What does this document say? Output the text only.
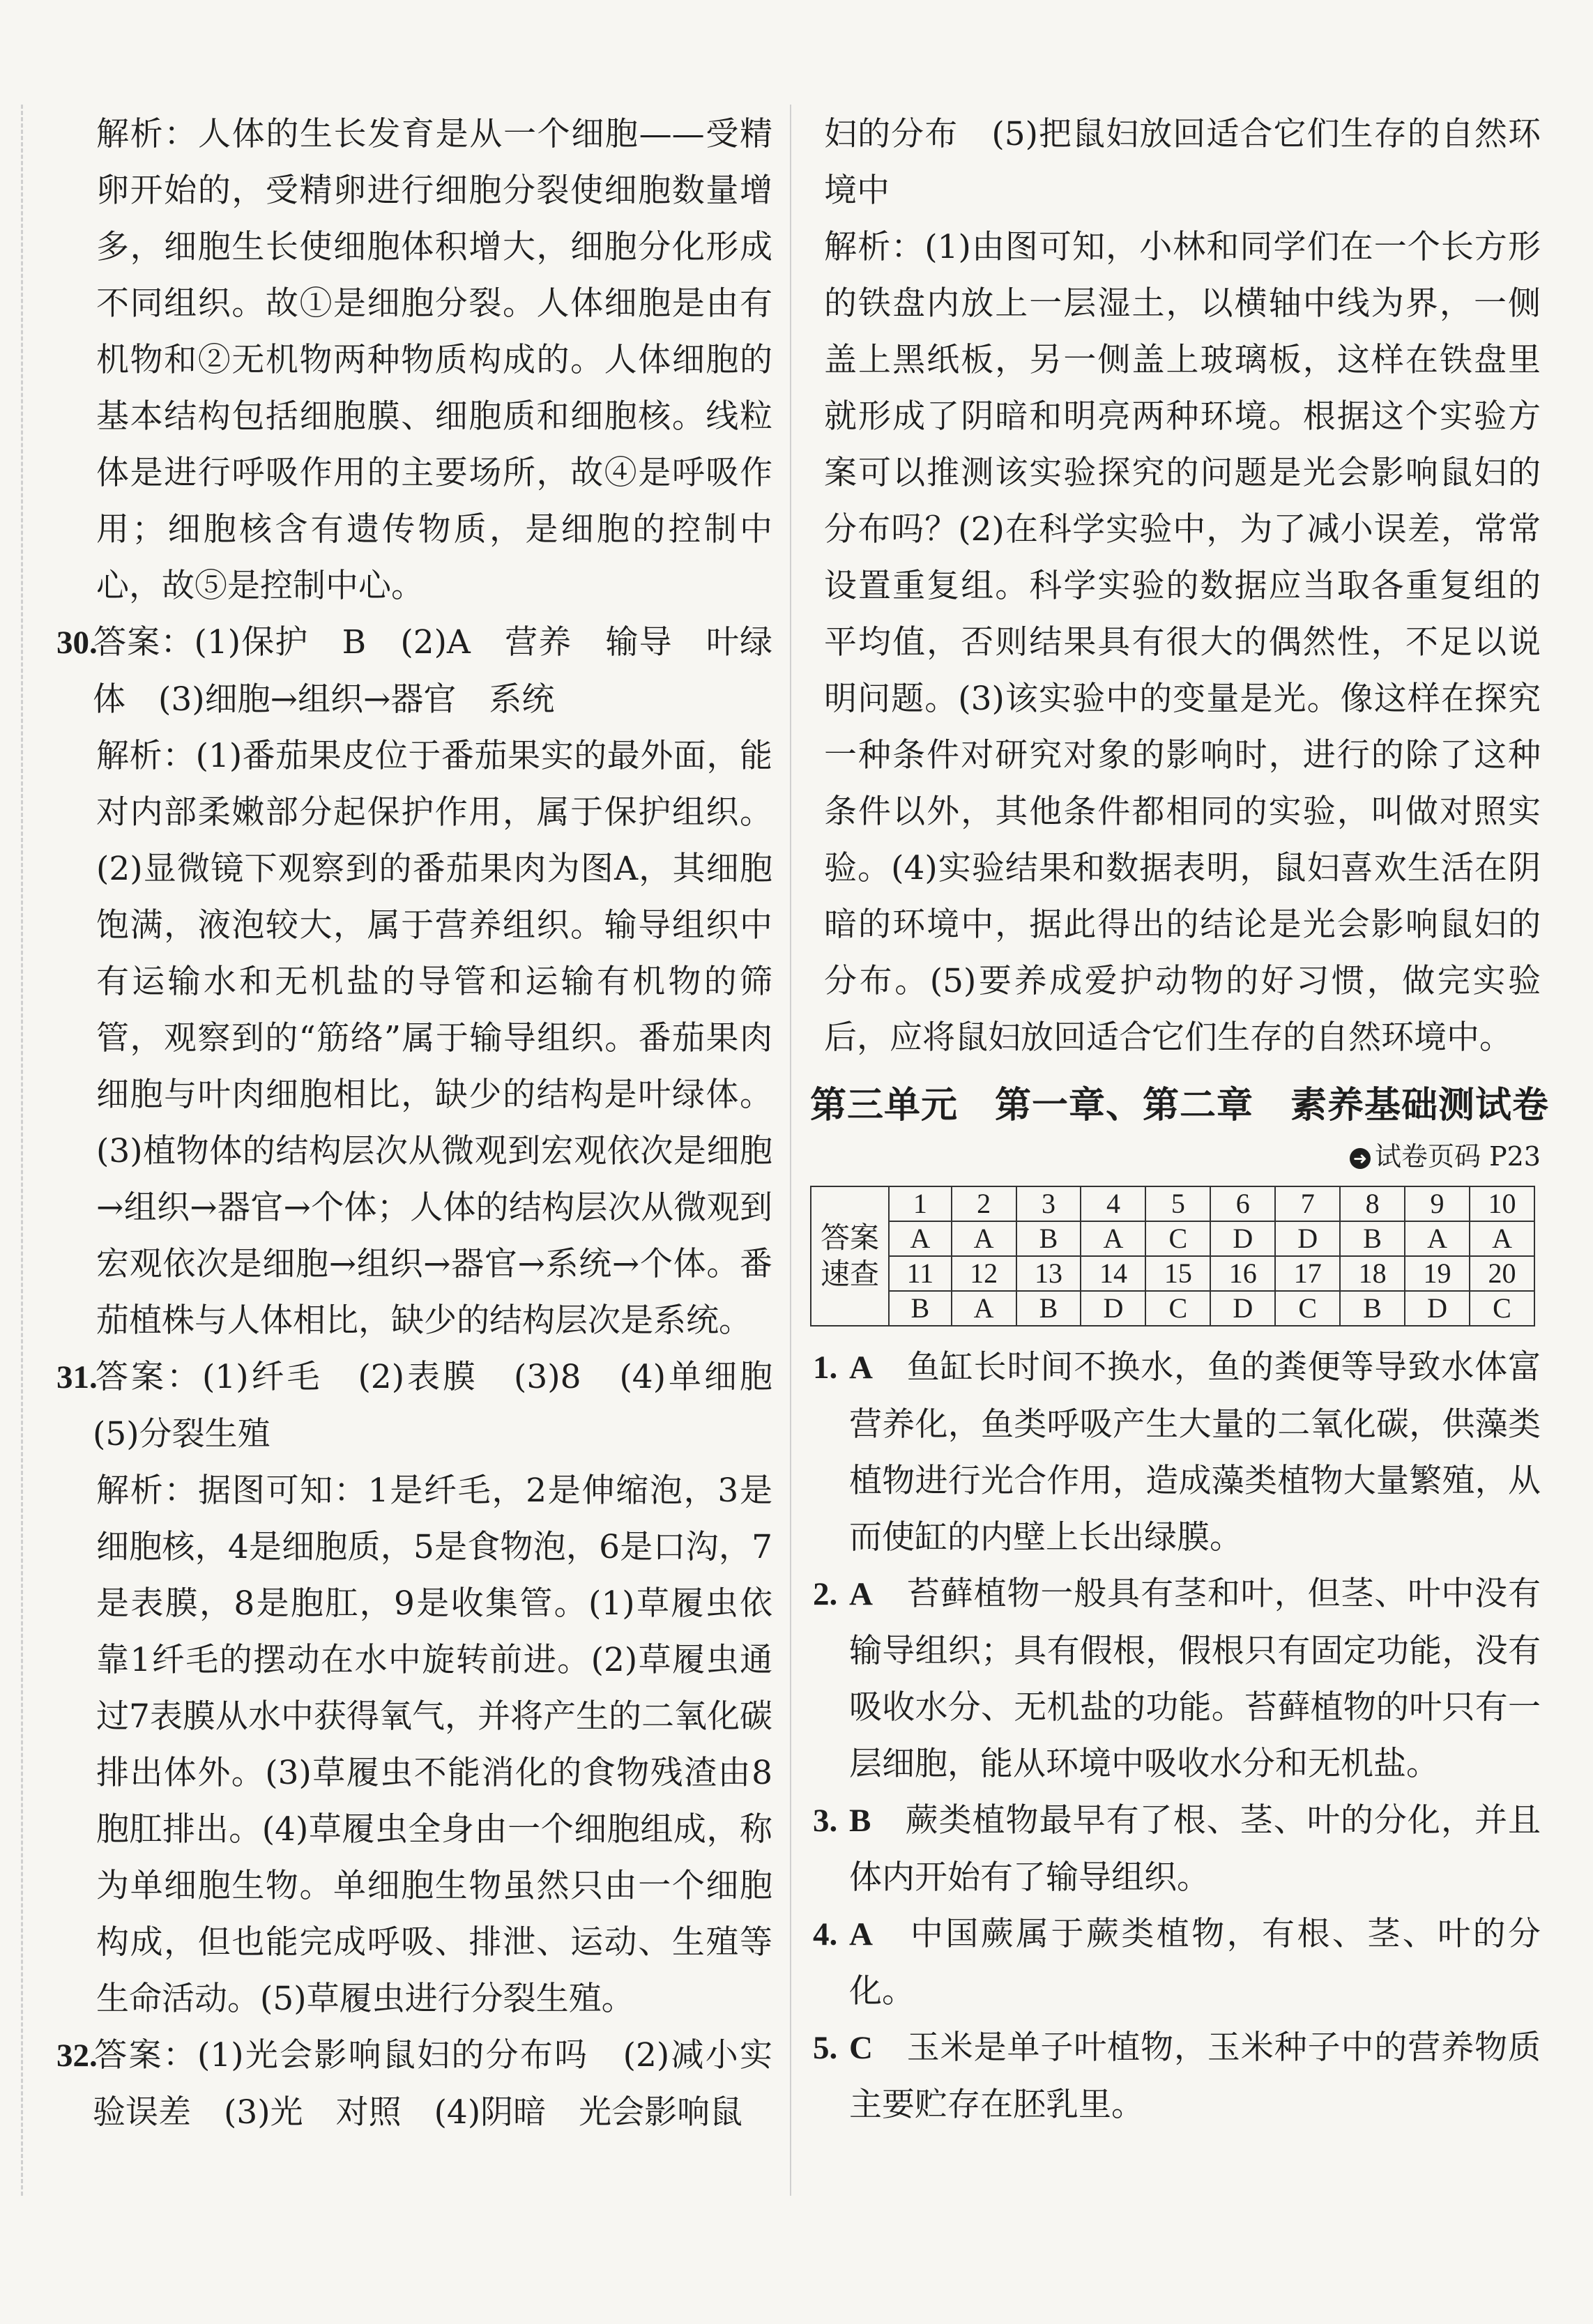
解析：人体的生长发育是从一个细胞——受精卵开始的，受精卵进行细胞分裂使细胞数量增多，细胞生长使细胞体积增大，细胞分化形成不同组织。故①是细胞分裂。人体细胞是由有机物和②无机物两种物质构成的。人体细胞的基本结构包括细胞膜、细胞质和细胞核。线粒体是进行呼吸作用的主要场所，故④是呼吸作用；细胞核含有遗传物质，是细胞的控制中心，故⑤是控制中心。

30.答案：(1)保护　B　(2)A　营养　输导　叶绿体　(3)细胞→组织→器官　系统

解析：(1)番茄果皮位于番茄果实的最外面，能对内部柔嫩部分起保护作用，属于保护组织。(2)显微镜下观察到的番茄果肉为图A，其细胞饱满，液泡较大，属于营养组织。输导组织中有运输水和无机盐的导管和运输有机物的筛管，观察到的“筋络”属于输导组织。番茄果肉细胞与叶肉细胞相比，缺少的结构是叶绿体。(3)植物体的结构层次从微观到宏观依次是细胞→组织→器官→个体；人体的结构层次从微观到宏观依次是细胞→组织→器官→系统→个体。番茄植株与人体相比，缺少的结构层次是系统。

31.答案：(1)纤毛　(2)表膜　(3)8　(4)单细胞　(5)分裂生殖

解析：据图可知：1是纤毛，2是伸缩泡，3是细胞核，4是细胞质，5是食物泡，6是口沟，7是表膜，8是胞肛，9是收集管。(1)草履虫依靠1纤毛的摆动在水中旋转前进。(2)草履虫通过7表膜从水中获得氧气，并将产生的二氧化碳排出体外。(3)草履虫不能消化的食物残渣由8胞肛排出。(4)草履虫全身由一个细胞组成，称为单细胞生物。单细胞生物虽然只由一个细胞构成，但也能完成呼吸、排泄、运动、生殖等生命活动。(5)草履虫进行分裂生殖。

32.答案：(1)光会影响鼠妇的分布吗　(2)减小实验误差　(3)光　对照　(4)阴暗　光会影响鼠

妇的分布　(5)把鼠妇放回适合它们生存的自然环境中

解析：(1)由图可知，小林和同学们在一个长方形的铁盘内放上一层湿土，以横轴中线为界，一侧盖上黑纸板，另一侧盖上玻璃板，这样在铁盘里就形成了阴暗和明亮两种环境。根据这个实验方案可以推测该实验探究的问题是光会影响鼠妇的分布吗？(2)在科学实验中，为了减小误差，常常设置重复组。科学实验的数据应当取各重复组的平均值，否则结果具有很大的偶然性，不足以说明问题。(3)该实验中的变量是光。像这样在探究一种条件对研究对象的影响时，进行的除了这种条件以外，其他条件都相同的实验，叫做对照实验。(4)实验结果和数据表明，鼠妇喜欢生活在阴暗的环境中，据此得出的结论是光会影响鼠妇的分布。(5)要养成爱护动物的好习惯，做完实验后，应将鼠妇放回适合它们生存的自然环境中。

第三单元　第一章、第二章　素养基础测试卷
➜ 试卷页码 P23
答案速查	1	2	3	4	5	6	7	8	9	10
	A	A	B	A	C	D	D	B	A	A
	11	12	13	14	15	16	17	18	19	20
	B	A	B	D	C	D	C	B	D	C

1. A　 鱼缸长时间不换水，鱼的粪便等导致水体富营养化，鱼类呼吸产生大量的二氧化碳，供藻类植物进行光合作用，造成藻类植物大量繁殖，从而使缸的内壁上长出绿膜。

2. A　 苔藓植物一般具有茎和叶，但茎、叶中没有输导组织；具有假根，假根只有固定功能，没有吸收水分、无机盐的功能。苔藓植物的叶只有一层细胞，能从环境中吸收水分和无机盐。

3. B　 蕨类植物最早有了根、茎、叶的分化，并且体内开始有了输导组织。

4. A　 中国蕨属于蕨类植物，有根、茎、叶的分化。

5. C　 玉米是单子叶植物，玉米种子中的营养物质主要贮存在胚乳里。
